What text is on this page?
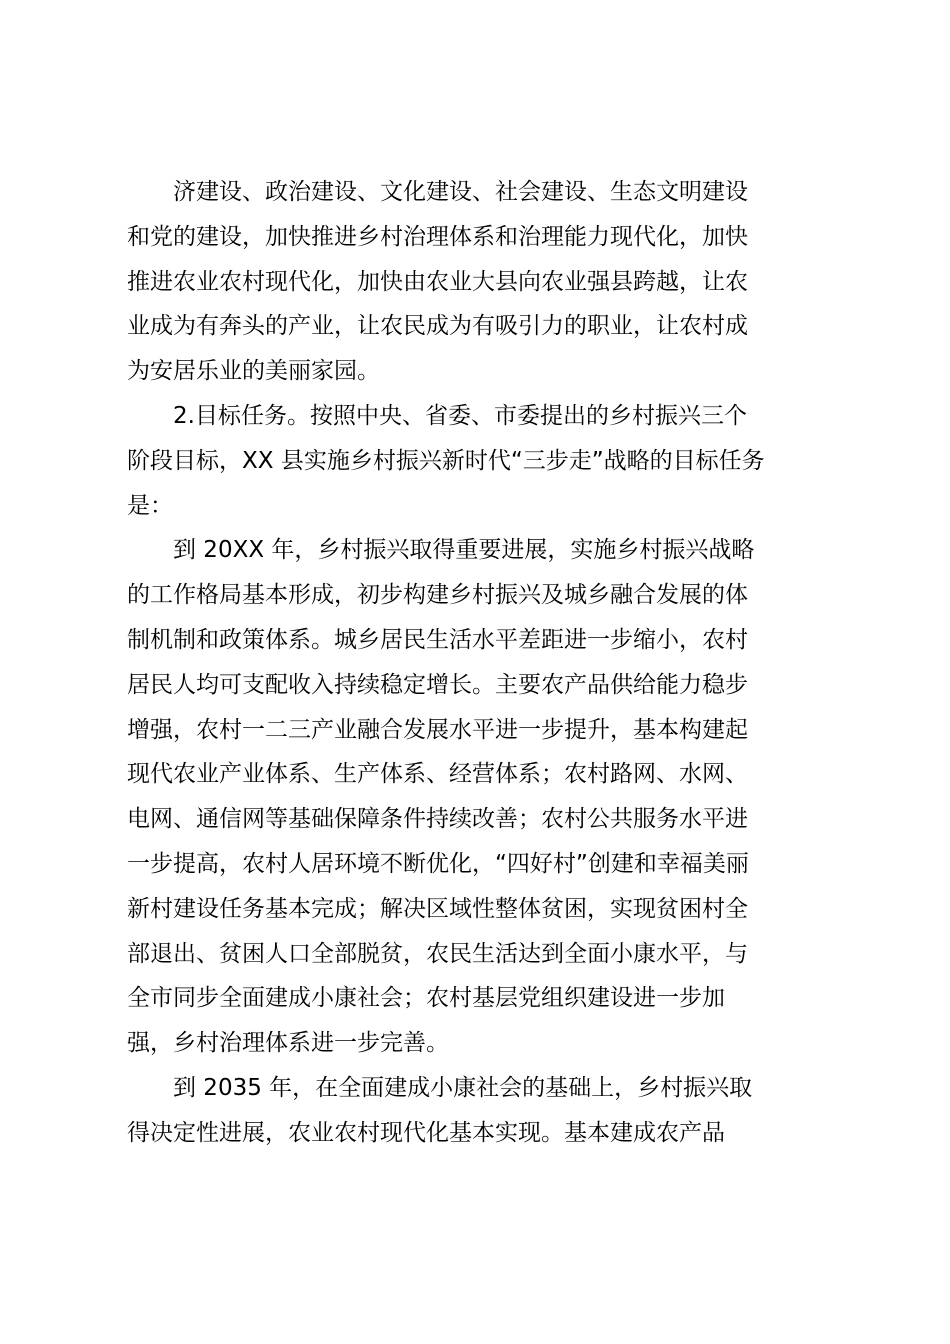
济建设、政治建设、文化建设、社会建设、生态文明建设
和党的建设，加快推进乡村治理体系和治理能力现代化，加快
推进农业农村现代化，加快由农业大县向农业强县跨越，让农
业成为有奔头的产业，让农民成为有吸引力的职业，让农村成
为安居乐业的美丽家园。
2.目标任务。按照中央、省委、市委提出的乡村振兴三个
阶段目标，XX 县实施乡村振兴新时代“三步走”战略的目标任务
是：
到 20XX 年，乡村振兴取得重要进展，实施乡村振兴战略
的工作格局基本形成，初步构建乡村振兴及城乡融合发展的体
制机制和政策体系。城乡居民生活水平差距进一步缩小，农村
居民人均可支配收入持续稳定增长。主要农产品供给能力稳步
增强，农村一二三产业融合发展水平进一步提升，基本构建起
现代农业产业体系、生产体系、经营体系；农村路网、水网、
电网、通信网等基础保障条件持续改善；农村公共服务水平进
一步提高，农村人居环境不断优化，“四好村”创建和幸福美丽
新村建设任务基本完成；解决区域性整体贫困，实现贫困村全
部退出、贫困人口全部脱贫，农民生活达到全面小康水平，与
全市同步全面建成小康社会；农村基层党组织建设进一步加
强，乡村治理体系进一步完善。
到 2035 年，在全面建成小康社会的基础上，乡村振兴取
得决定性进展，农业农村现代化基本实现。基本建成农产品
